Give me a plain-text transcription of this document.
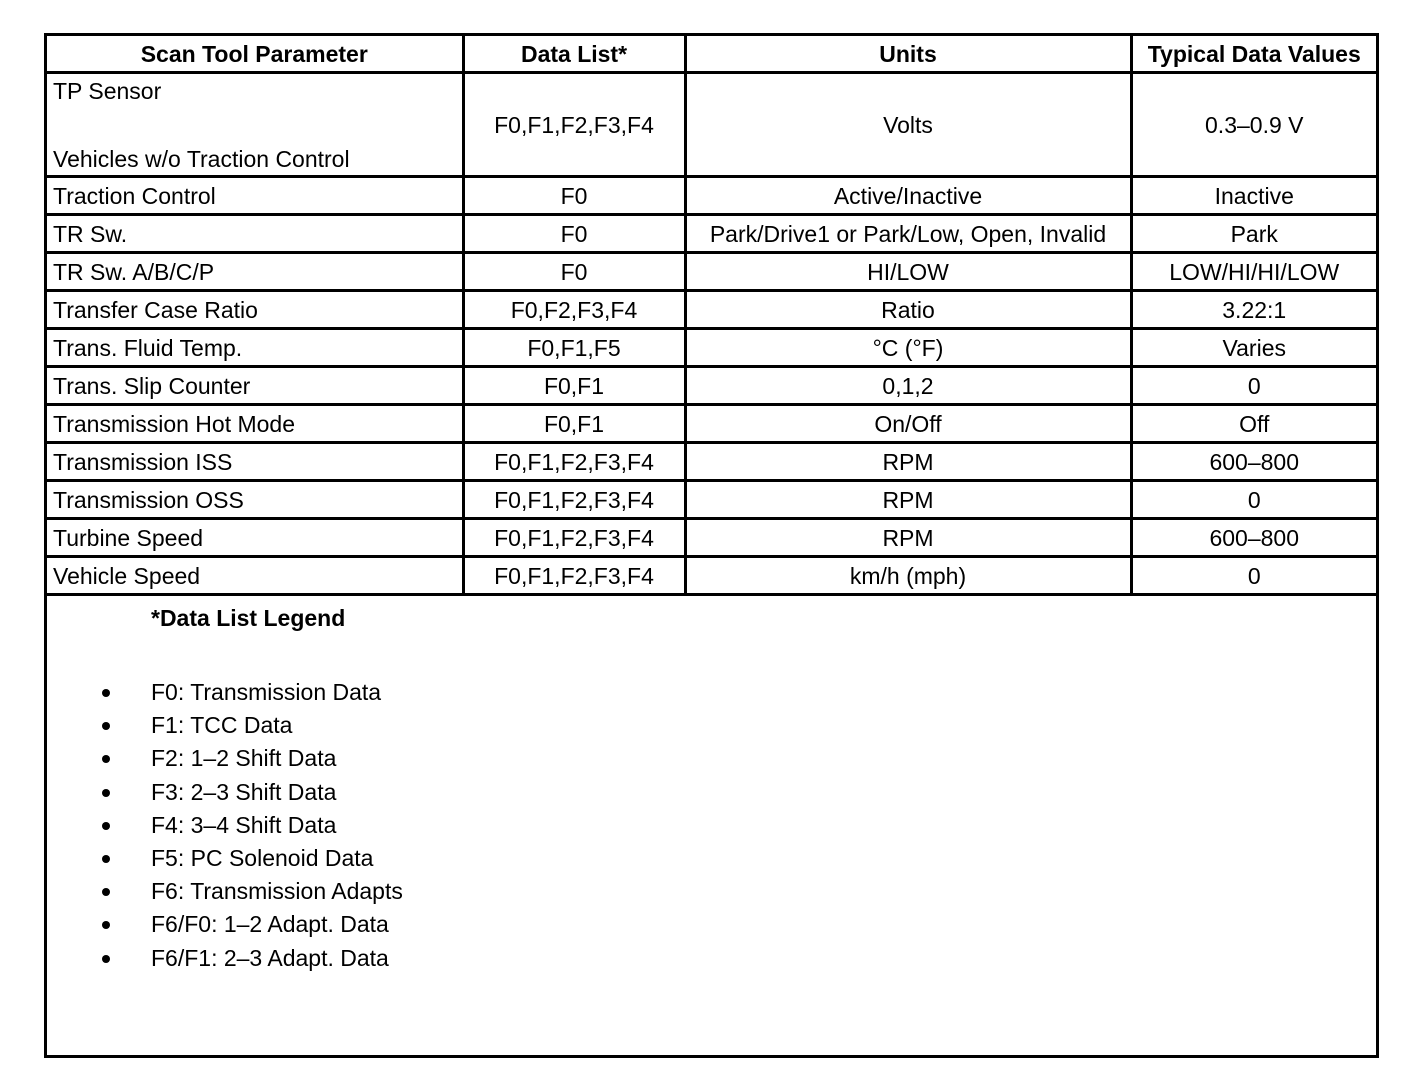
Scan Tool Parameter	Data List*	Units	Typical Data Values

TP Sensor
Vehicles w/o Traction Control	F0,F1,F2,F3,F4	Volts	0.3–0.9 V
Traction Control	F0	Active/Inactive	Inactive
TR Sw.	F0	Park/Drive1 or Park/Low, Open, Invalid	Park
TR Sw. A/B/C/P	F0	HI/LOW	LOW/HI/HI/LOW
Transfer Case Ratio	F0,F2,F3,F4	Ratio	3.22:1
Trans. Fluid Temp.	F0,F1,F5	°C (°F)	Varies
Trans. Slip Counter	F0,F1	0,1,2	0
Transmission Hot Mode	F0,F1	On/Off	Off
Transmission ISS	F0,F1,F2,F3,F4	RPM	600–800
Transmission OSS	F0,F1,F2,F3,F4	RPM	0
Turbine Speed	F0,F1,F2,F3,F4	RPM	600–800
Vehicle Speed	F0,F1,F2,F3,F4	km/h (mph)	0
*Data List Legend
F0: Transmission Data
F1: TCC Data
F2: 1–2 Shift Data
F3: 2–3 Shift Data
F4: 3–4 Shift Data
F5: PC Solenoid Data
F6: Transmission Adapts
F6/F0: 1–2 Adapt. Data
F6/F1: 2–3 Adapt. Data
